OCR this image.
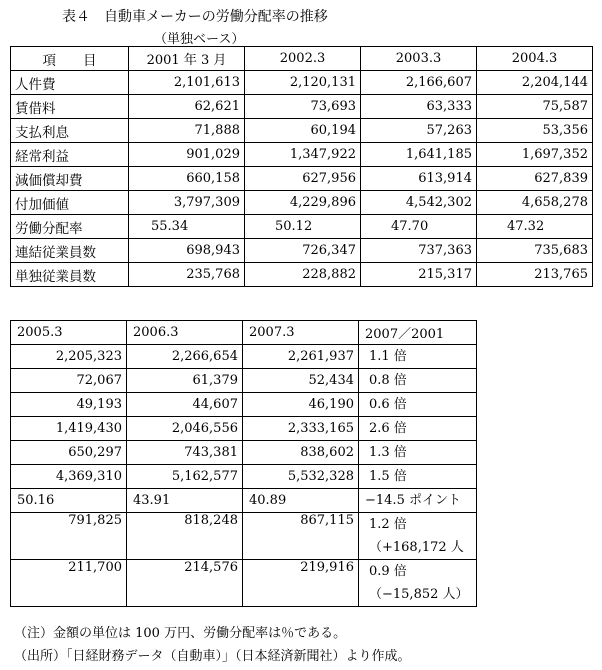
表４　自動車メーカーの労働分配率の推移
（単独ベース）
項　　目	2001 年 3 月	2002.3	2003.3	2004.3
人件費	2,101,613	2,120,131	2,166,607	2,204,144
賃借料	62,621	73,693	63,333	75,587
支払利息	71,888	60,194	57,263	53,356
経常利益	901,029	1,347,922	1,641,185	1,697,352
減価償却費	660,158	627,956	613,914	627,839
付加価値	3,797,309	4,229,896	4,542,302	4,658,278
労働分配率	55.34	50.12	47.70	47.32
連結従業員数	698,943	726,347	737,363	735,683
単独従業員数	235,768	228,882	215,317	213,765
2005.3	2006.3	2007.3	2007／2001
2,205,323	2,266,654	2,261,937	1.1 倍

72,067	61,379	52,434	0.8 倍

49,193	44,607	46,190	0.6 倍

1,419,430	2,046,556	2,333,165	2.6 倍

650,297	743,381	838,602	1.3 倍

4,369,310	5,162,577	5,532,328	1.5 倍

50.16	43.91	40.89	−14.5 ポイント

791,825	818,248	867,115	1.2 倍
（+168,172 人

211,700	214,576	219,916	0.9 倍
（−15,852 人）
（注）金額の単位は 100 万円、労働分配率は％である。
（出所）「日経財務データ（自動車）」（日本経済新聞社）より作成。
